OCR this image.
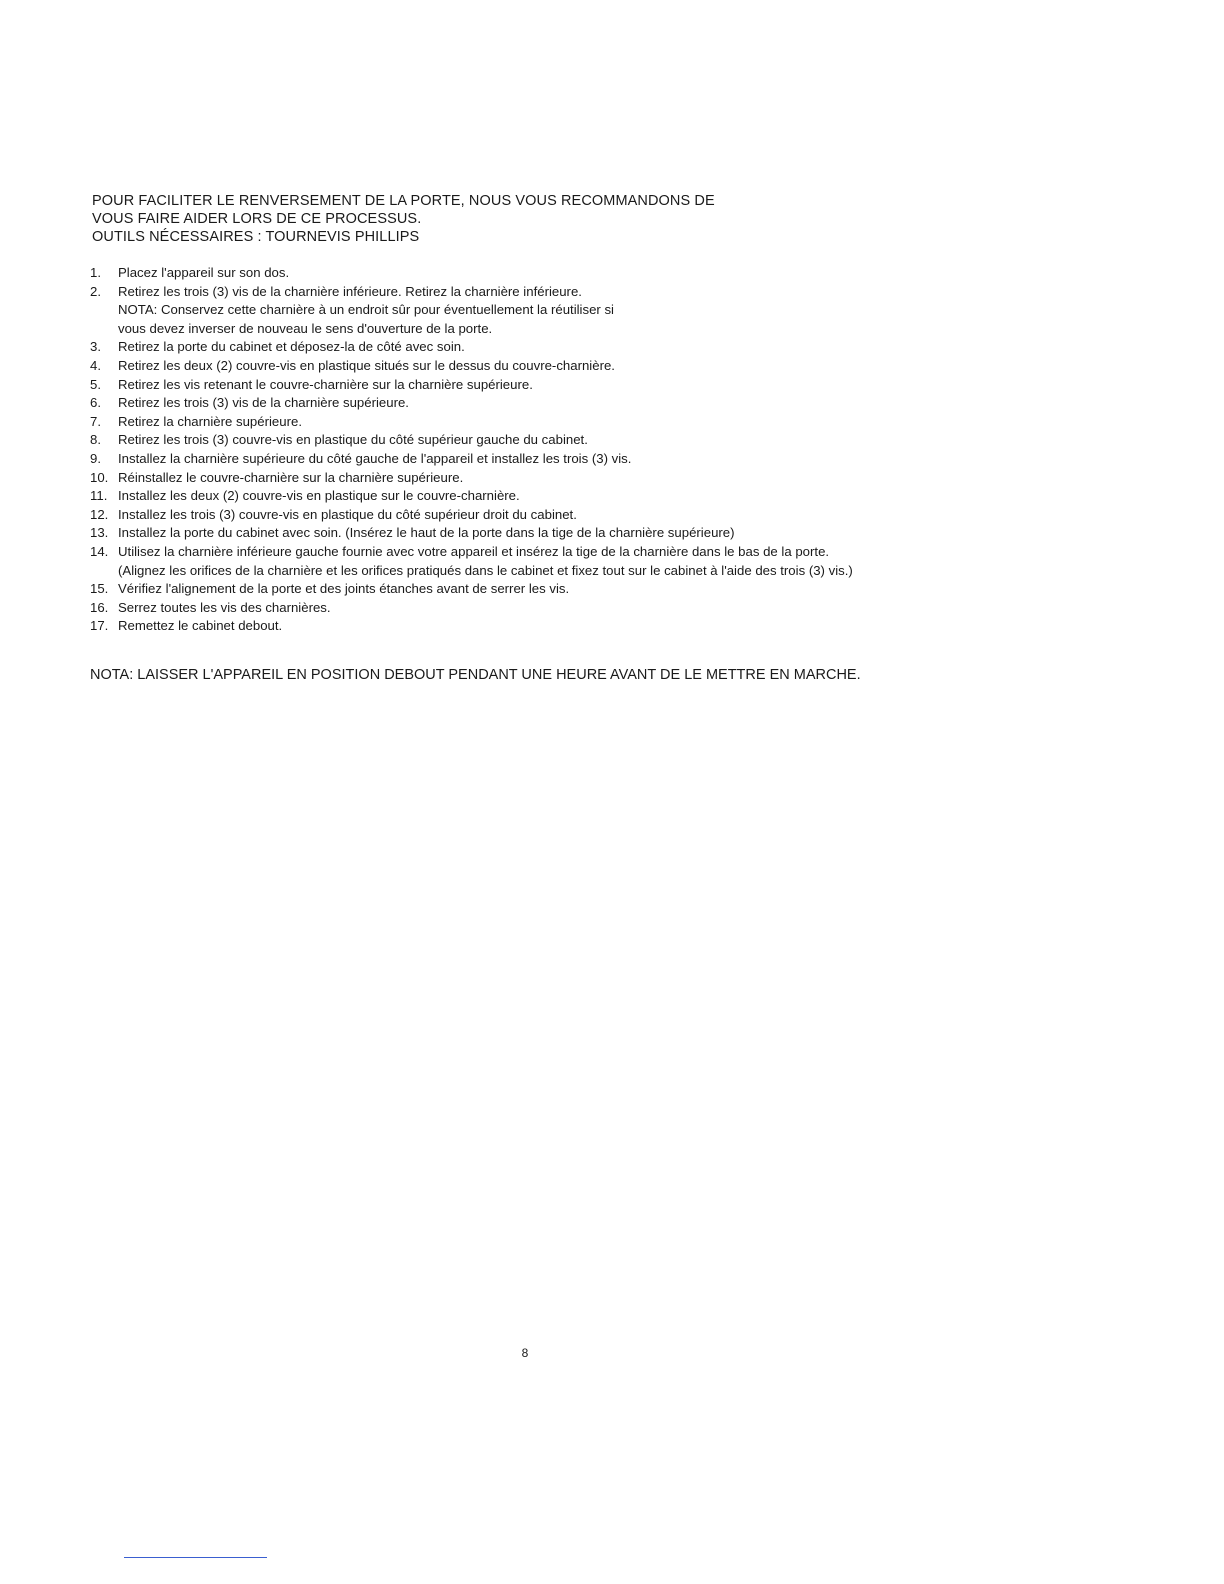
POUR FACILITER LE RENVERSEMENT DE LA PORTE, NOUS VOUS RECOMMANDONS DE
VOUS FAIRE AIDER LORS DE CE PROCESSUS.
OUTILS NÉCESSAIRES : TOURNEVIS PHILLIPS
1.	Placez l'appareil sur son dos.
2.	Retirez les trois (3) vis de la charnière inférieure. Retirez la charnière inférieure.
NOTA: Conservez cette charnière à un endroit sûr pour éventuellement la réutiliser si
vous devez inverser de nouveau le sens d'ouverture de la porte.
3.	Retirez la porte du cabinet et déposez-la de côté avec soin.
4.	Retirez les deux (2) couvre-vis en plastique situés sur le dessus du couvre-charnière.
5.	Retirez les vis retenant le couvre-charnière sur la charnière supérieure.
6.	Retirez les trois (3) vis de la charnière supérieure.
7.	Retirez la charnière supérieure.
8.	Retirez les trois (3) couvre-vis en plastique du côté supérieur gauche du cabinet.
9.	Installez la charnière supérieure du côté gauche de l'appareil et installez les trois (3) vis.
10. Réinstallez le couvre-charnière sur la charnière supérieure.
11. Installez les deux (2) couvre-vis en plastique sur le couvre-charnière.
12. Installez les trois (3) couvre-vis en plastique du côté supérieur droit du cabinet.
13. Installez la porte du cabinet avec soin. (Insérez le haut de la porte dans la tige de la charnière supérieure)
14. Utilisez la charnière inférieure gauche fournie avec votre appareil et insérez la tige de la charnière dans le bas de la porte.
(Alignez les orifices de la charnière et les orifices pratiqués dans le cabinet et fixez tout sur le cabinet à l'aide des trois (3) vis.)
15. Vérifiez l'alignement de la porte et des joints étanches avant de serrer les vis.
16. Serrez toutes les vis des charnières.
17. Remettez le cabinet debout.
NOTA: LAISSER L'APPAREIL EN POSITION DEBOUT PENDANT UNE HEURE AVANT DE LE METTRE EN MARCHE.
8
